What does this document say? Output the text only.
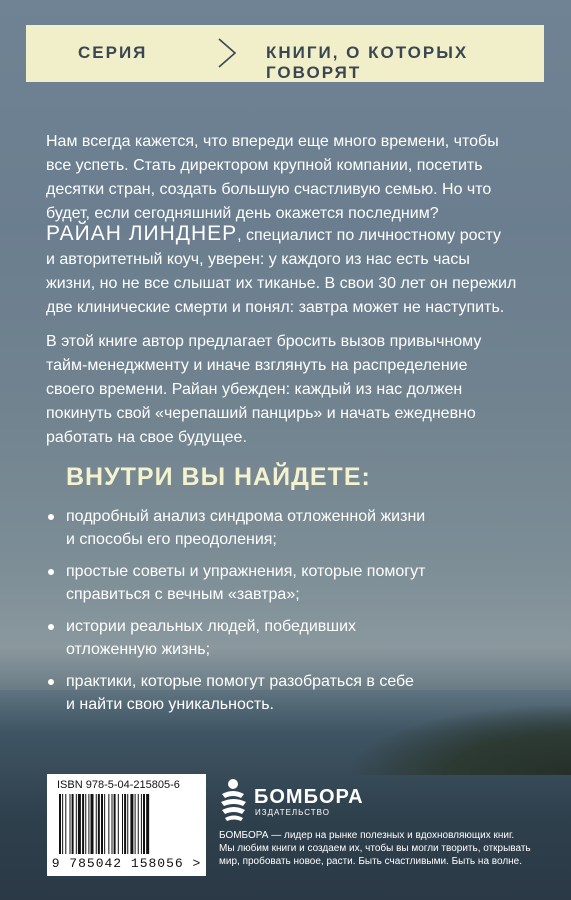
СЕРИЯ	КНИГИ, О КОТОРЫХ ГОВОРЯТ
Нам всегда кажется, что впереди еще много времени, чтобы
все успеть. Стать директором крупной компании, посетить
десятки стран, создать большую счастливую семью. Но что
будет, если сегодняшний день окажется последним?
РАЙАН ЛИНДНЕР, специалист по личностному росту
и авторитетный коуч, уверен: у каждого из нас есть часы
жизни, но не все слышат их тиканье. В свои 30 лет он пережил
две клинические смерти и понял: завтра может не наступить.
В этой книге автор предлагает бросить вызов привычному
тайм-менеджменту и иначе взглянуть на распределение
своего времени. Райан убежден: каждый из нас должен
покинуть свой «черепаший панцирь» и начать ежедневно
работать на свое будущее.
ВНУТРИ ВЫ НАЙДЕТЕ:
подробный анализ синдрома отложенной жизни
и способы его преодоления;
простые советы и упражнения, которые помогут
справиться с вечным «завтра»;
истории реальных людей, победивших
отложенную жизнь;
практики, которые помогут разобраться в себе
и найти свою уникальность.
ISBN 978-5-04-215805-6
9 785042 158056 >
БОМБОРА
ИЗДАТЕЛЬСТВО
БОМБОРА — лидер на рынке полезных и вдохновляющих книг.
Мы любим книги и создаем их, чтобы вы могли творить, открывать
мир, пробовать новое, расти. Быть счастливыми. Быть на волне.
